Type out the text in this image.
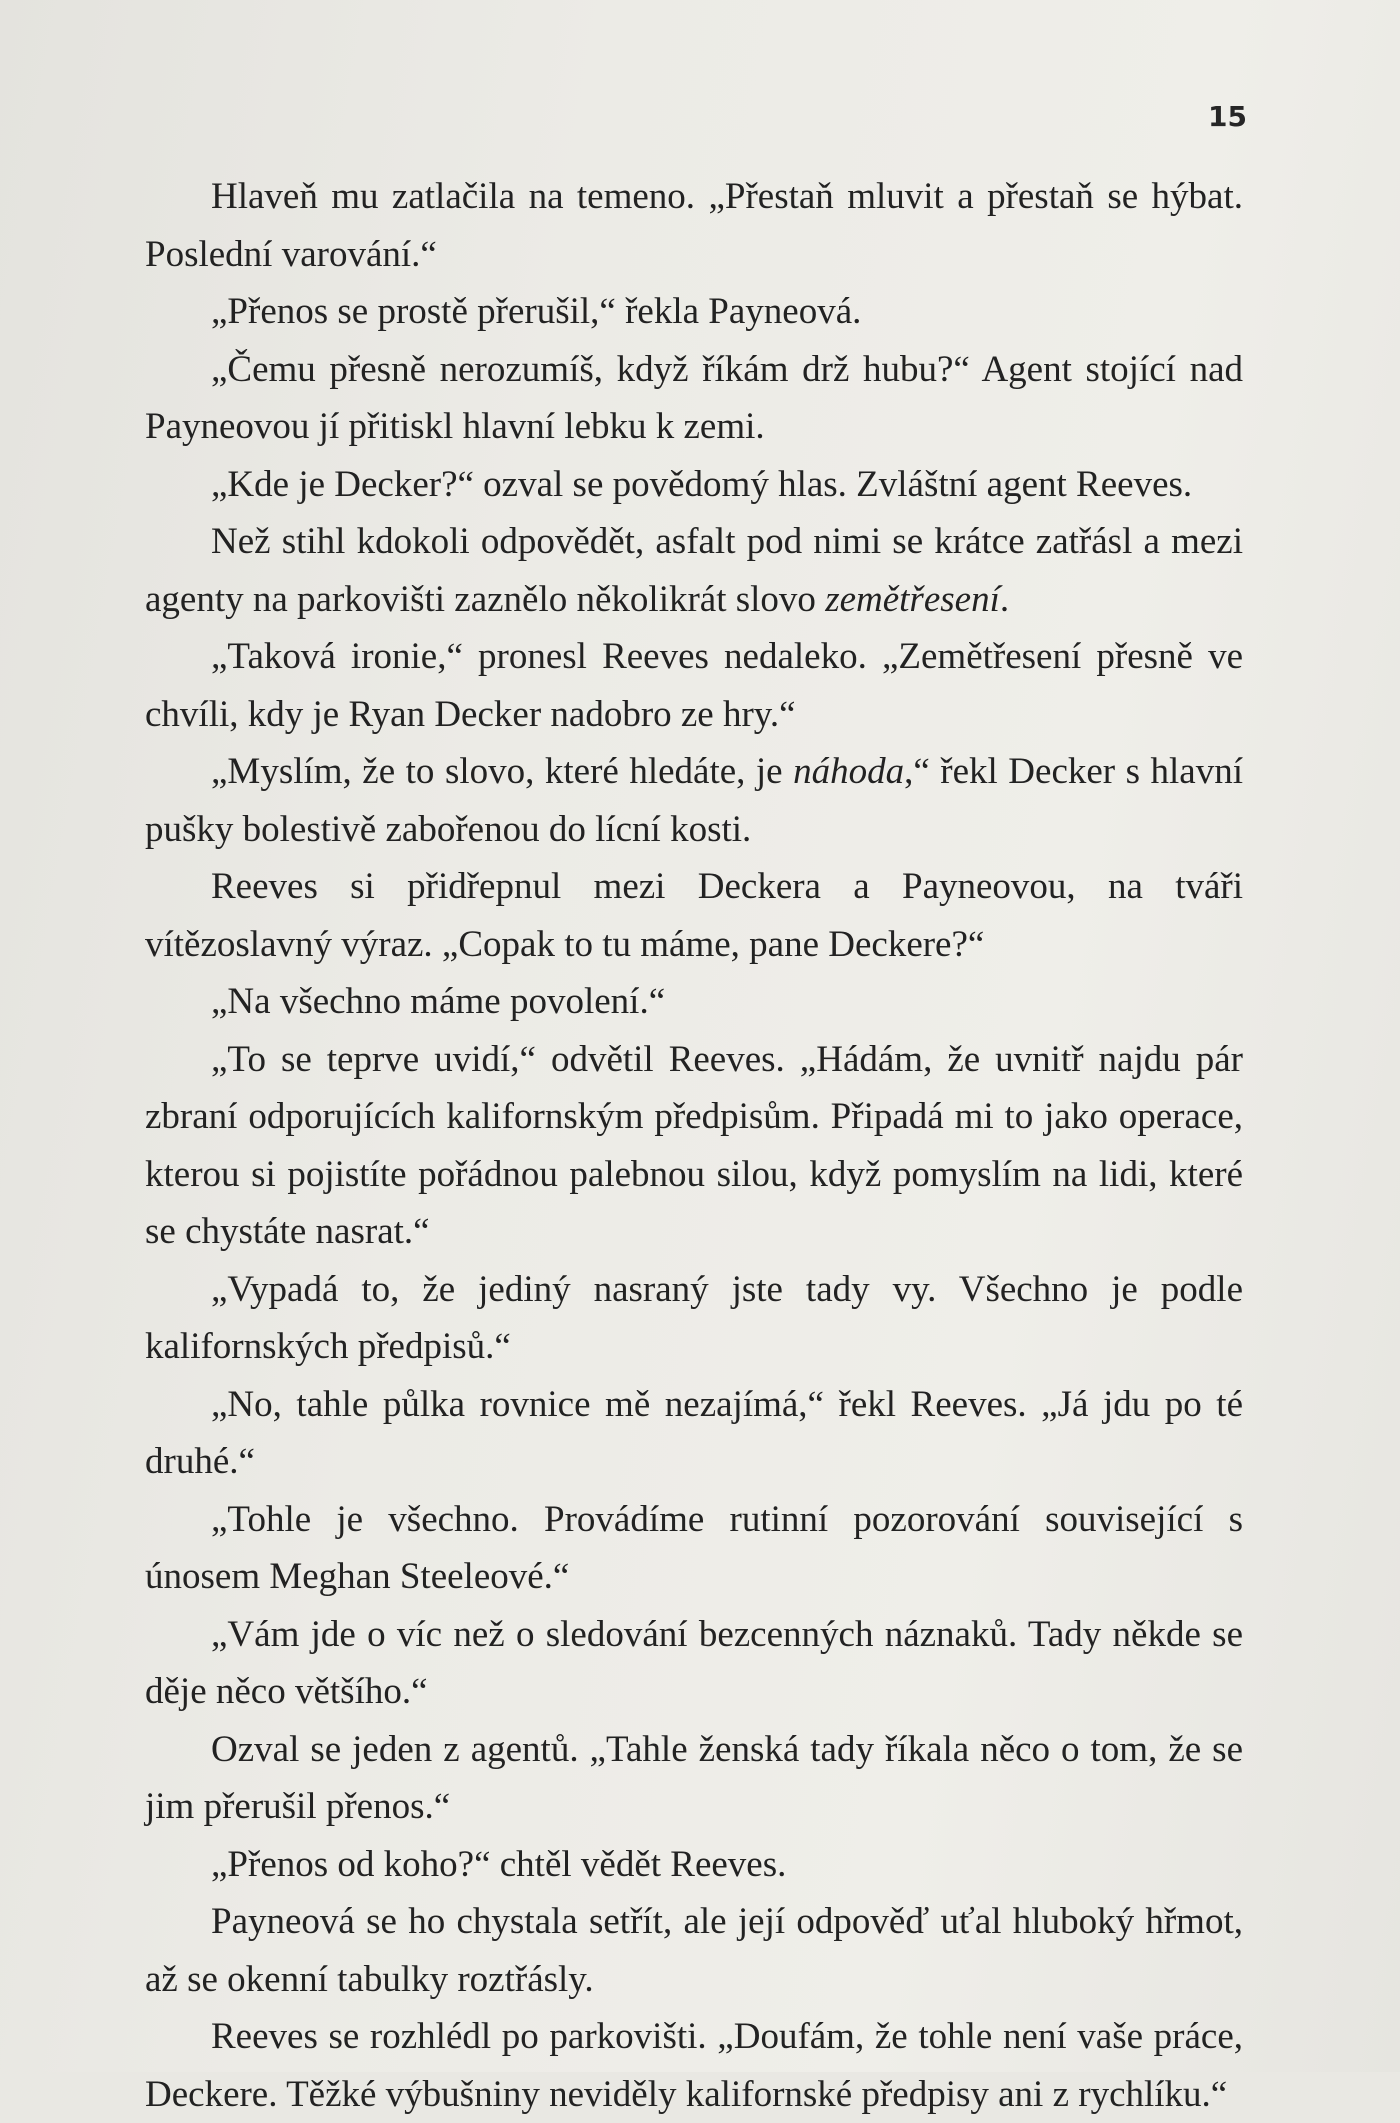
15

Hlaveň mu zatlačila na temeno. „Přestaň mluvit a přestaň se hýbat. Poslední varování.“

„Přenos se prostě přerušil,“ řekla Payneová.

„Čemu přesně nerozumíš, když říkám drž hubu?“ Agent stojící nad Payneovou jí přitiskl hlavní lebku k zemi.

„Kde je Decker?“ ozval se povědomý hlas. Zvláštní agent Reeves.

Než stihl kdokoli odpovědět, asfalt pod nimi se krátce zatřásl a mezi agenty na parkovišti zaznělo několikrát slovo zemětřesení.

„Taková ironie,“ pronesl Reeves nedaleko. „Zemětřesení přesně ve chvíli, kdy je Ryan Decker nadobro ze hry.“

„Myslím, že to slovo, které hledáte, je náhoda,“ řekl Decker s hlavní pušky bolestivě zabořenou do lícní kosti.

Reeves si přidřepnul mezi Deckera a Payneovou, na tváři vítězoslavný výraz. „Copak to tu máme, pane Deckere?“

„Na všechno máme povolení.“

„To se teprve uvidí,“ odvětil Reeves. „Hádám, že uvnitř najdu pár zbraní odporujících kalifornským předpisům. Připadá mi to jako operace, kterou si pojistíte pořádnou palebnou silou, když pomyslím na lidi, které se chystáte nasrat.“

„Vypadá to, že jediný nasraný jste tady vy. Všechno je podle kalifornských předpisů.“

„No, tahle půlka rovnice mě nezajímá,“ řekl Reeves. „Já jdu po té druhé.“

„Tohle je všechno. Provádíme rutinní pozorování související s únosem Meghan Steeleové.“

„Vám jde o víc než o sledování bezcenných náznaků. Tady někde se děje něco většího.“

Ozval se jeden z agentů. „Tahle ženská tady říkala něco o tom, že se jim přerušil přenos.“

„Přenos od koho?“ chtěl vědět Reeves.

Payneová se ho chystala setřít, ale její odpověď uťal hluboký hřmot, až se okenní tabulky roztřásly.

Reeves se rozhlédl po parkovišti. „Doufám, že tohle není vaše práce, Deckere. Těžké výbušniny neviděly kalifornské předpisy ani z rychlíku.“
